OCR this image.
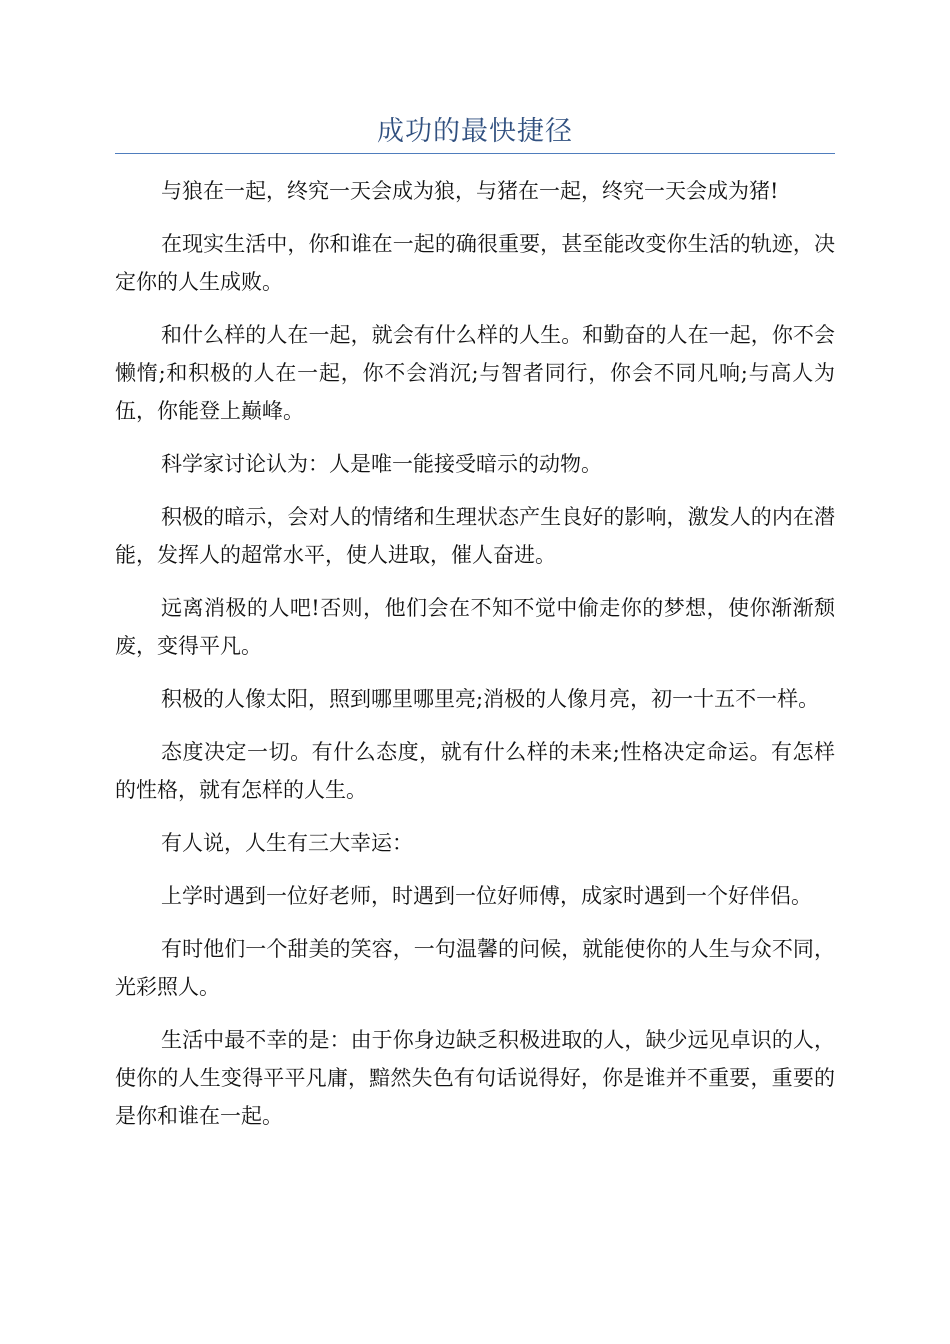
成功的最快捷径

与狼在一起，终究一天会成为狼，与猪在一起，终究一天会成为猪!

在现实生活中，你和谁在一起的确很重要，甚至能改变你生活的轨迹，决定你的人生成败。

和什么样的人在一起，就会有什么样的人生。和勤奋的人在一起，你不会懒惰;和积极的人在一起，你不会消沉;与智者同行，你会不同凡响;与高人为伍，你能登上巅峰。

科学家讨论认为：人是唯一能接受暗示的动物。

积极的暗示，会对人的情绪和生理状态产生良好的影响，激发人的内在潜能，发挥人的超常水平，使人进取，催人奋进。

远离消极的人吧!否则，他们会在不知不觉中偷走你的梦想，使你渐渐颓废，变得平凡。

积极的人像太阳，照到哪里哪里亮;消极的人像月亮，初一十五不一样。

态度决定一切。有什么态度，就有什么样的未来;性格决定命运。有怎样的性格，就有怎样的人生。

有人说，人生有三大幸运：

上学时遇到一位好老师，时遇到一位好师傅，成家时遇到一个好伴侣。

有时他们一个甜美的笑容，一句温馨的问候，就能使你的人生与众不同，光彩照人。

生活中最不幸的是：由于你身边缺乏积极进取的人，缺少远见卓识的人，使你的人生变得平平凡庸，黯然失色有句话说得好，你是谁并不重要，重要的是你和谁在一起。
